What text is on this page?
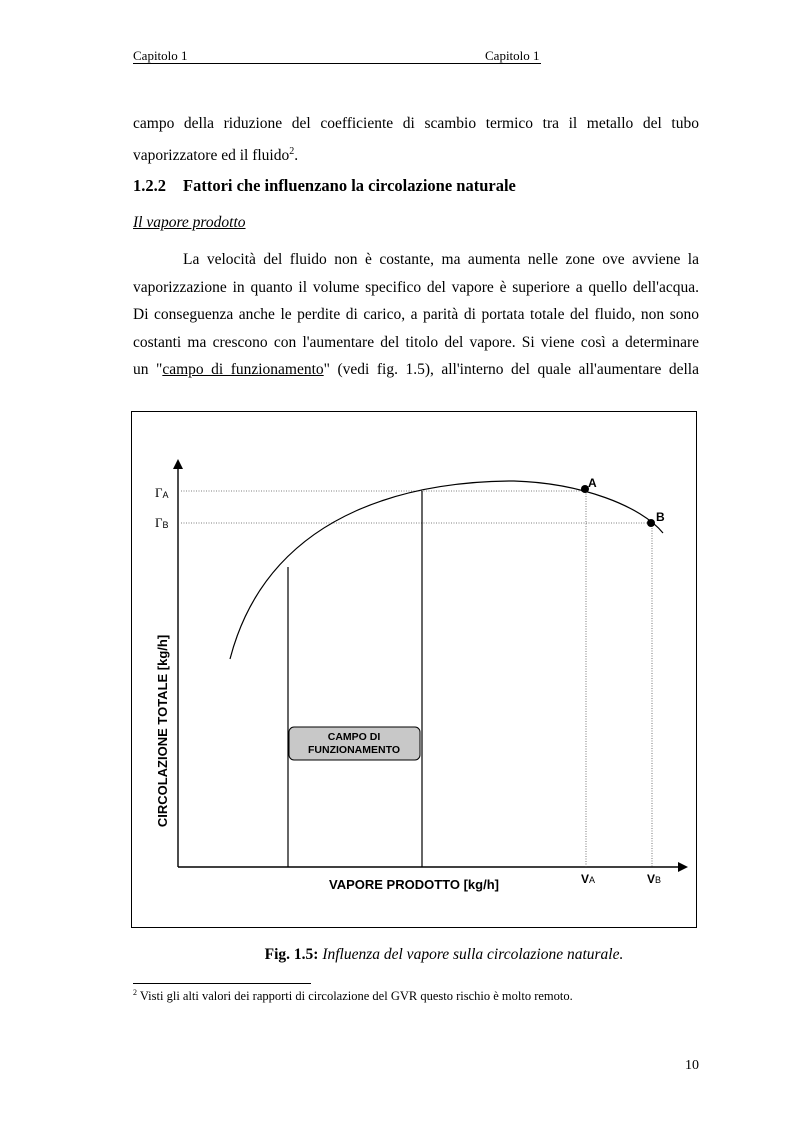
Capitolo 1	Capitolo 1
campo della riduzione del coefficiente di scambio termico tra il metallo del tubo
vaporizzatore ed il fluido$^2$.
1.2.2 Fattori che influenzano la circolazione naturale
Il vapore prodotto
La velocità del fluido non è costante, ma aumenta nelle zone ove avviene la
vaporizzazione in quanto il volume specifico del vapore è superiore a quello dell'acqua.
Di conseguenza anche le perdite di carico, a parità di portata totale del fluido, non sono
costanti ma crescono con l'aumentare del titolo del vapore. Si viene così a determinare
un "campo di funzionamento" (vedi fig. 1.5), all'interno del quale all'aumentare della
A
B
ΓA
ΓB
VA	VB
VAPORE PRODOTTO [kg/h]
CIRCOLAZIONE TOTALE [kg/h]	CAMPO DI
FUNZIONAMENTO
Fig. 1.5: Influenza del vapore sulla circolazione naturale.
$^2$ Visti gli alti valori dei rapporti di circolazione del GVR questo rischio è molto remoto.
10
